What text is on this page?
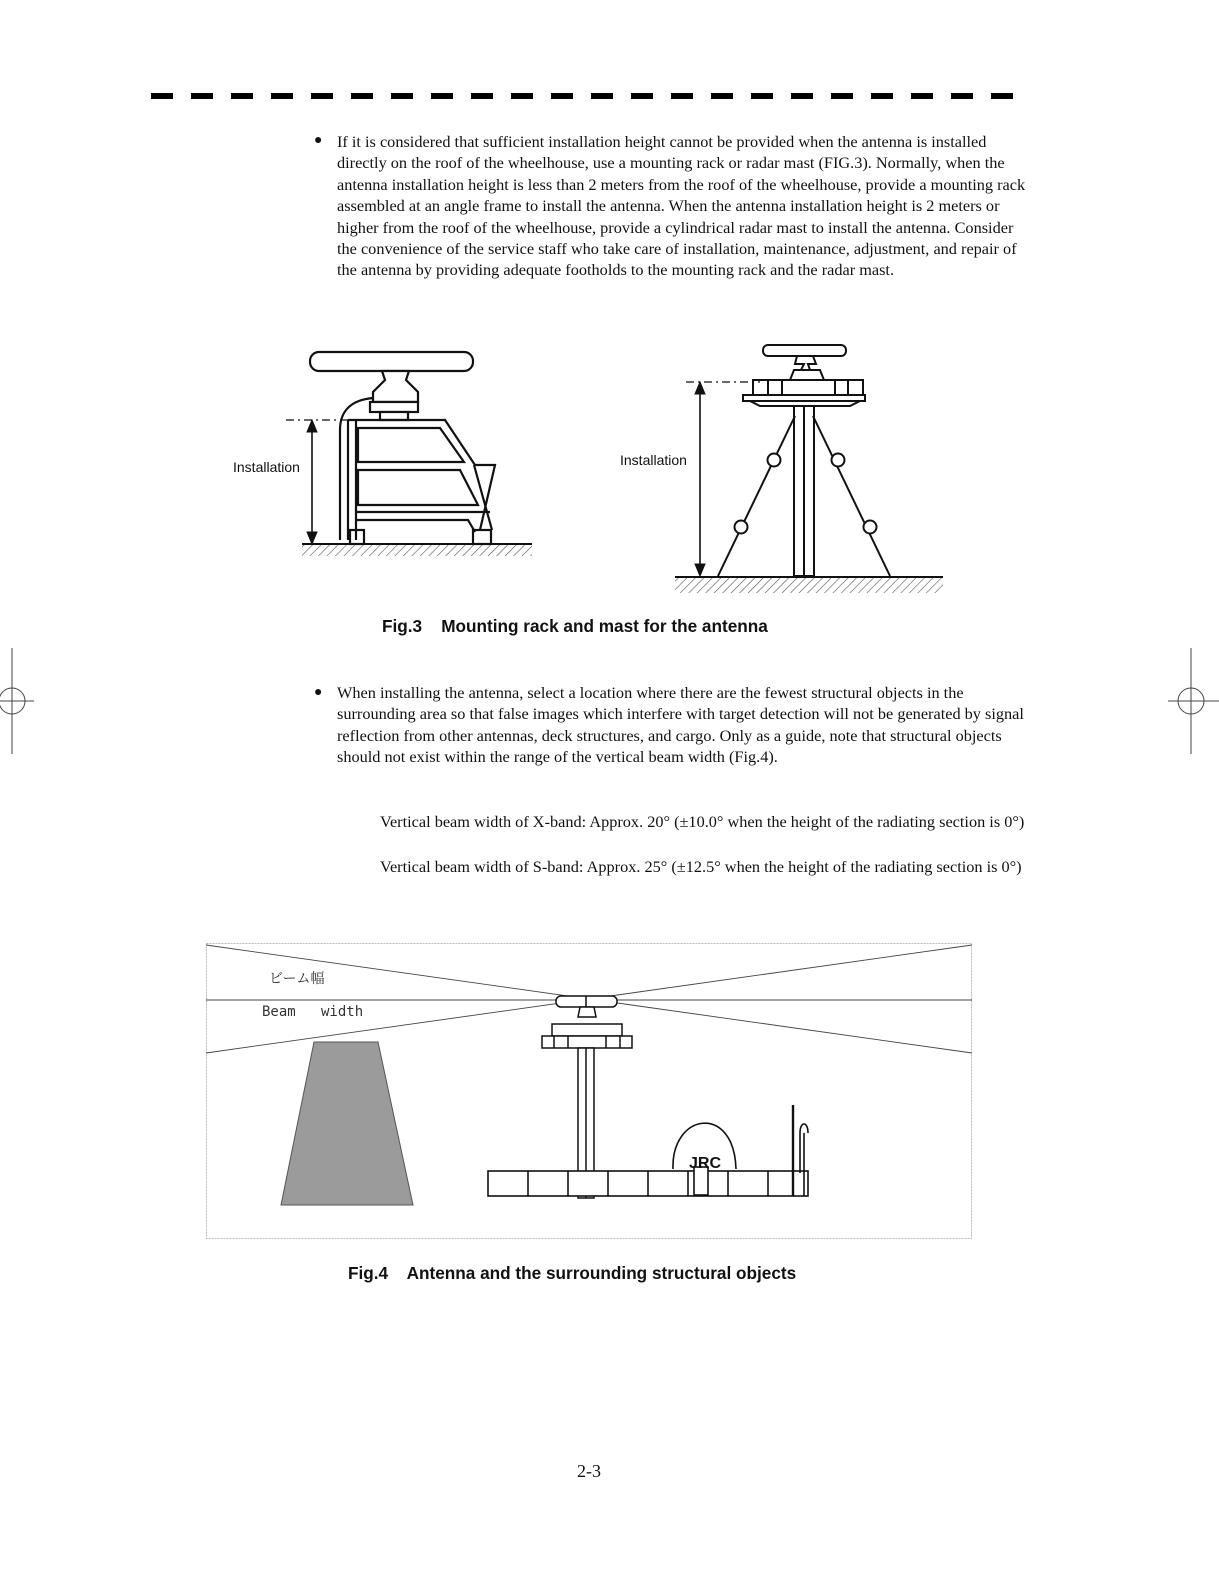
● If it is considered that sufficient installation height cannot be provided when the antenna is installed directly on the roof of the wheelhouse, use a mounting rack or radar mast (FIG.3). Normally, when the antenna installation height is less than 2 meters from the roof of the wheelhouse, provide a mounting rack assembled at an angle frame to install the antenna. When the antenna installation height is 2 meters or higher from the roof of the wheelhouse, provide a cylindrical radar mast to install the antenna. Consider the convenience of the service staff who take care of installation, maintenance, adjustment, and repair of the antenna by providing adequate footholds to the mounting rack and the radar mast.
Installation	Installation
Fig.3    Mounting rack and mast for the antenna
● When installing the antenna, select a location where there are the fewest structural objects in the surrounding area so that false images which interfere with target detection will not be generated by signal reflection from other antennas, deck structures, and cargo. Only as a guide, note that structural objects should not exist within the range of the vertical beam width (Fig.4).
Vertical beam width of X-band: Approx. 20° (±10.0° when the height of the radiating section is 0°)
Vertical beam width of S-band: Approx. 25° (±12.5° when the height of the radiating section is 0°)
JRC
ビーム幅
Beam   width
Fig.4    Antenna and the surrounding structural objects
2-3
